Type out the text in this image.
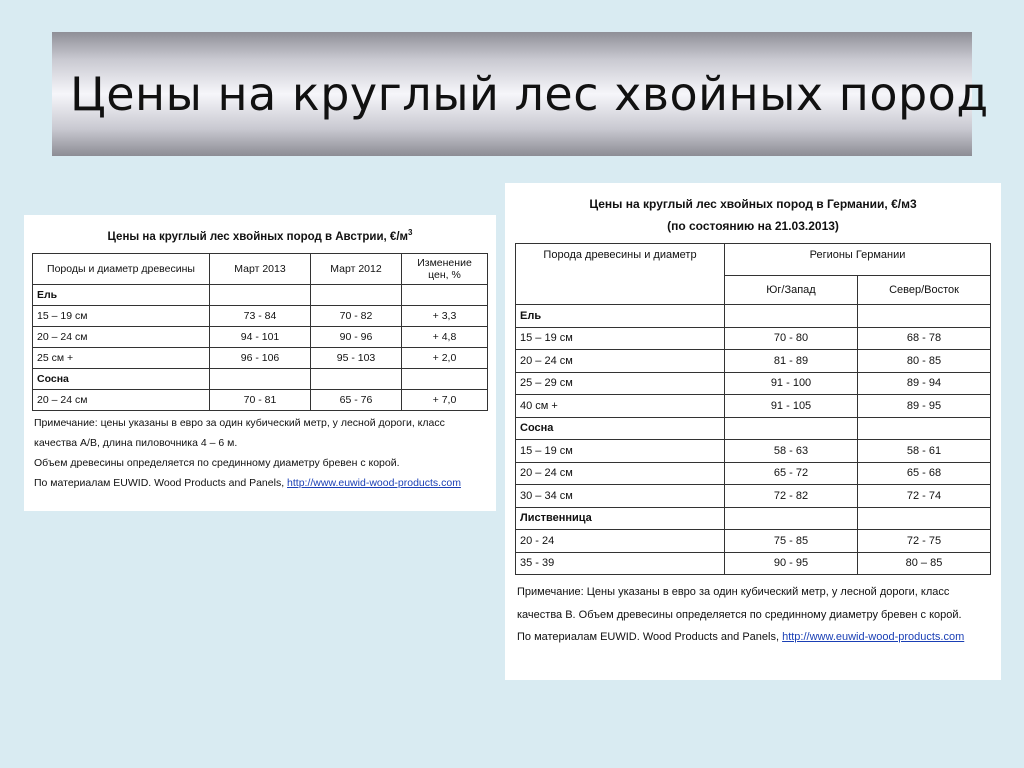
Цены на круглый лес хвойных пород
Цены на круглый лес хвойных пород в Австрии, $€/м^3$
Породы и диаметр древесины	Март 2013	Март 2012	Изменение цен, %
Ель			
15 – 19 см	73 - 84	70 - 82	+ 3,3
20 – 24 см	94 - 101	90 - 96	+ 4,8
25 см +	96 - 106	95 - 103	+ 2,0
Сосна			
20 – 24 см	70 - 81	65 - 76	+ 7,0
Примечание: цены указаны в евро за один кубический метр, у лесной дороги, класс качества А/В, длина пиловочника 4 – 6 м.
Объем древесины определяется по срединному диаметру бревен с корой.
По материалам EUWID. Wood Products and Panels, http://www.euwid-wood-products.com
Цены на круглый лес хвойных пород в Германии, €/м3
(по состоянию на 21.03.2013)
Порода древесины и диаметр	Регионы Германии	
	Юг/Запад	Север/Восток
Ель		
15 – 19 см	70 - 80	68 - 78
20 – 24 см	81 - 89	80 - 85
25 – 29 см	91 - 100	89 - 94
40 см +	91 - 105	89 - 95
Сосна		
15 – 19 см	58 - 63	58 - 61
20 – 24 см	65 - 72	65 - 68
30 – 34 см	72 - 82	72 - 74
Лиственница		
20 - 24	75 - 85	72 - 75
35 - 39	90 - 95	80 – 85
Примечание: Цены указаны в евро за один кубический метр, у лесной дороги, класс качества В. Объем древесины определяется по срединному диаметру бревен с корой.
По материалам EUWID. Wood Products and Panels, http://www.euwid-wood-products.com
